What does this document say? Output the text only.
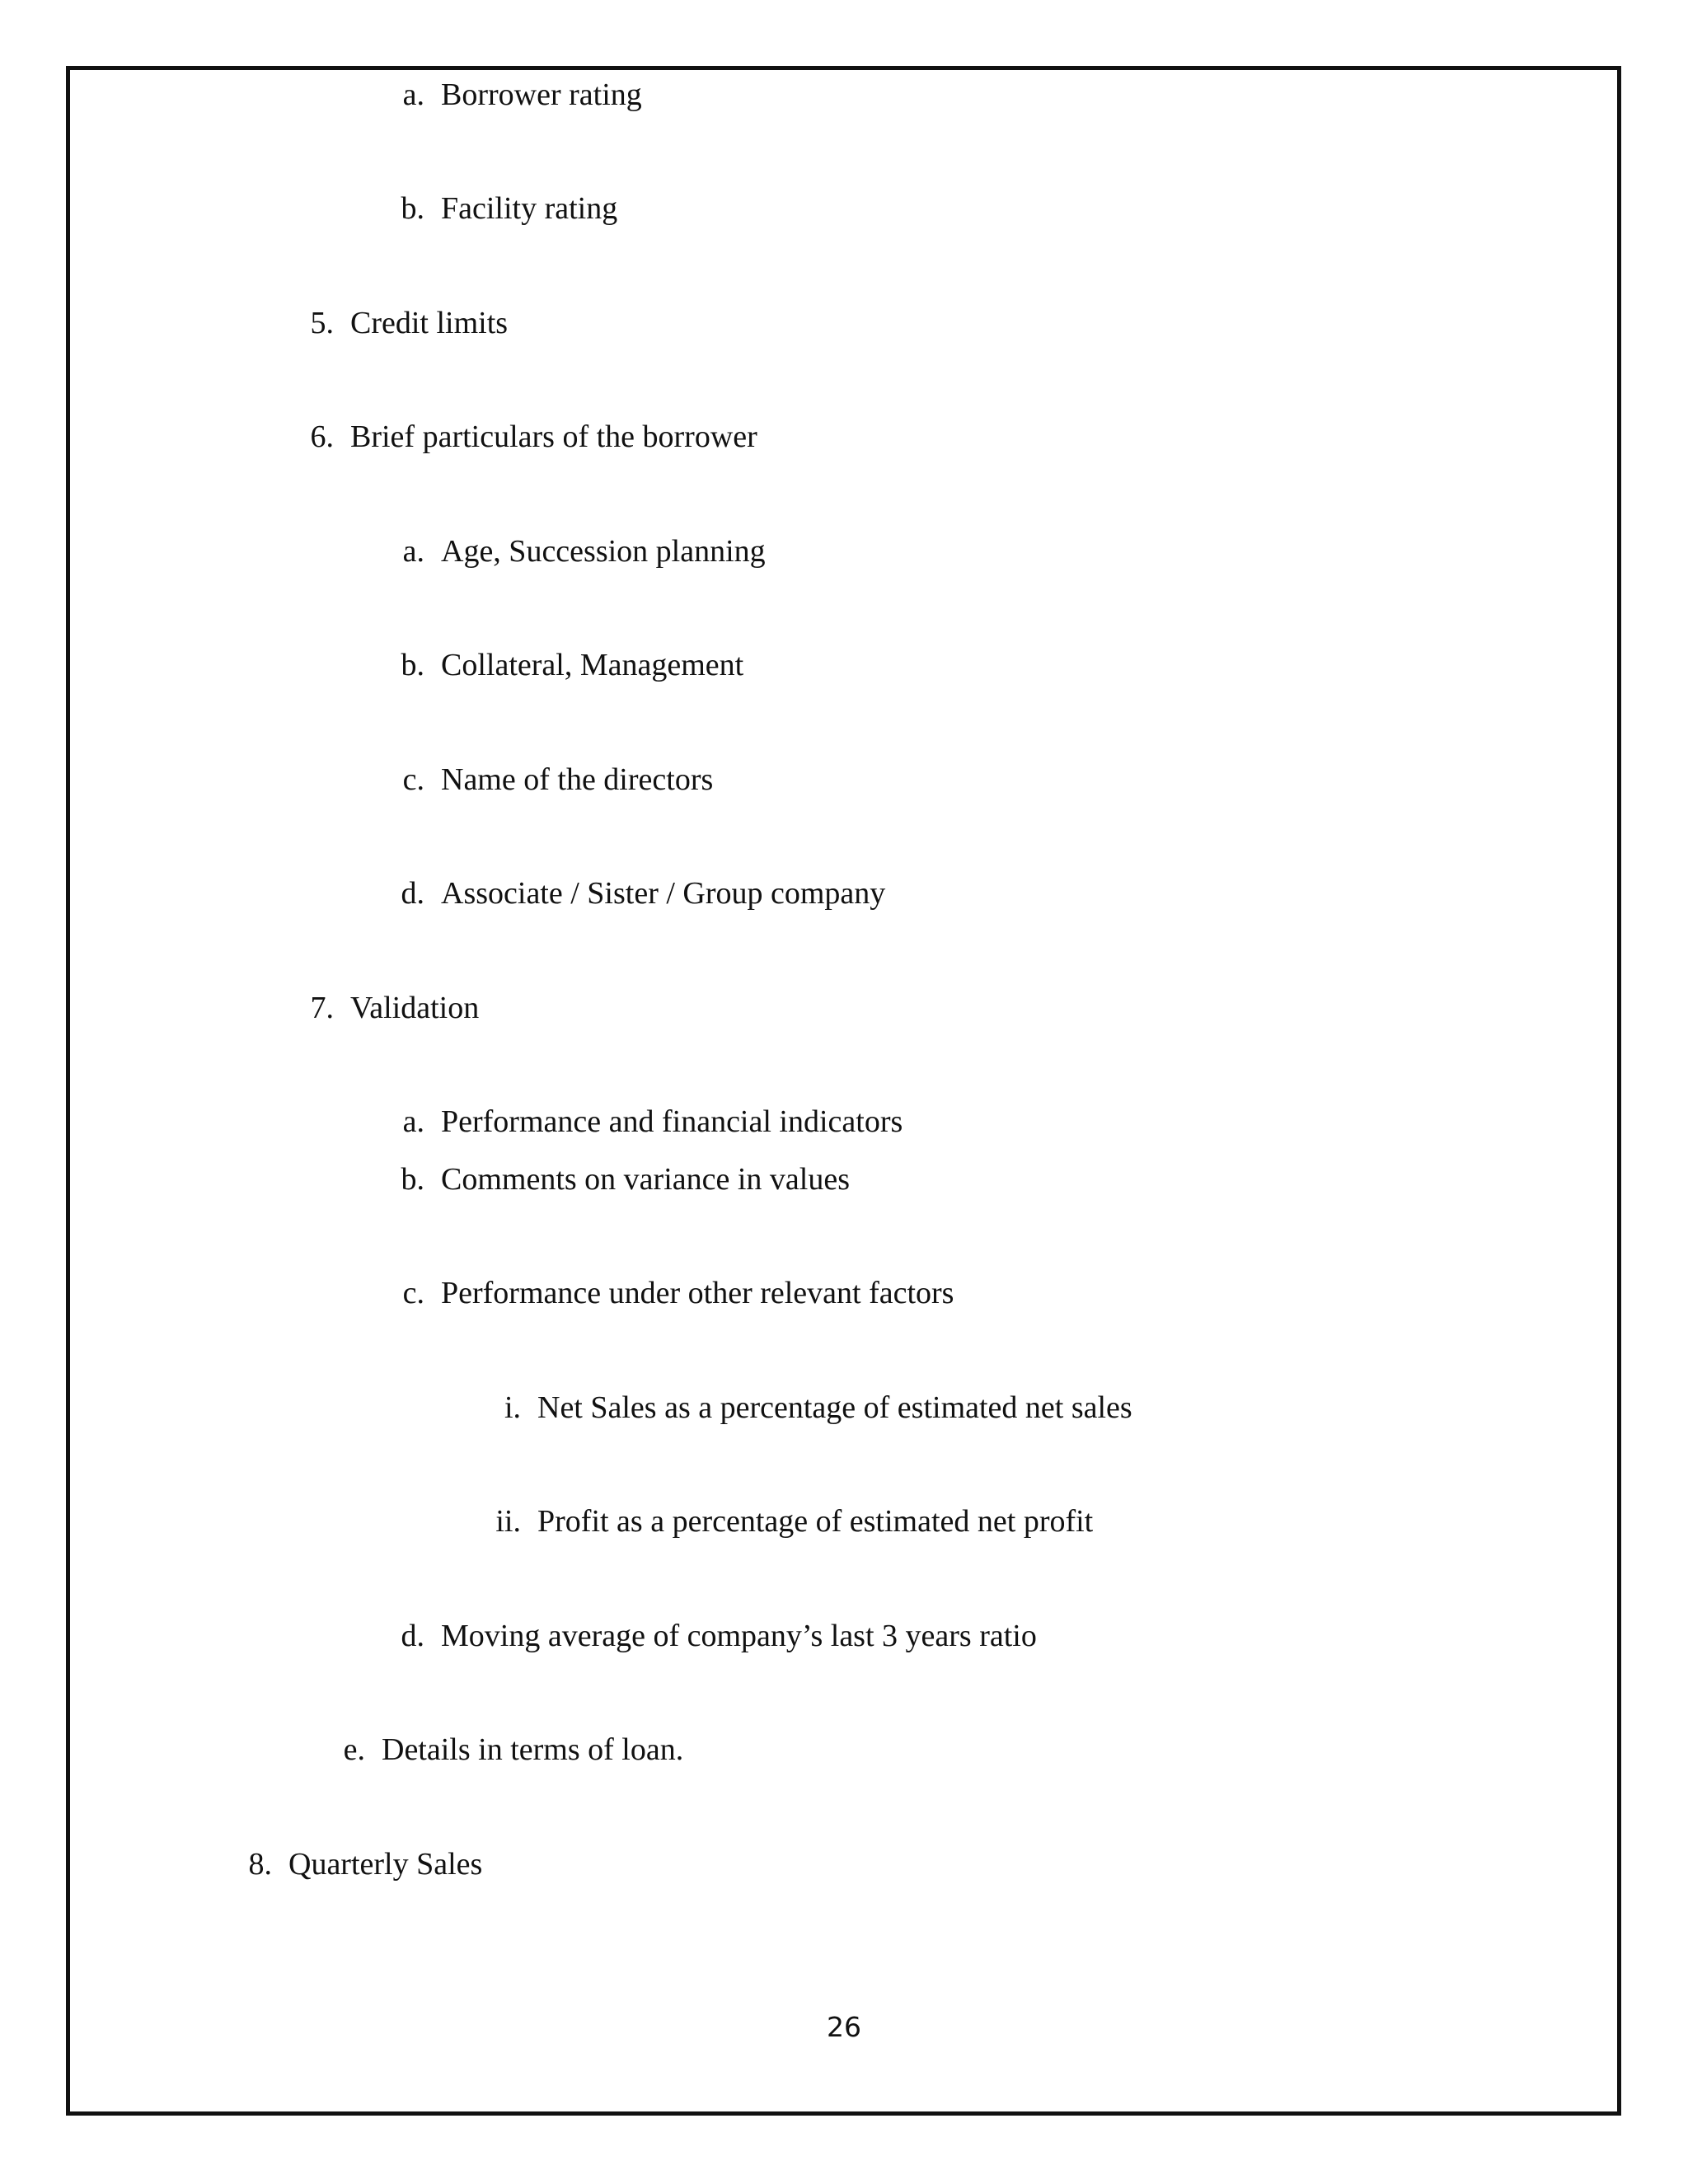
a. Borrower rating
b. Facility rating
5. Credit limits
6. Brief particulars of the borrower
a. Age, Succession planning
b. Collateral, Management
c. Name of the directors
d. Associate / Sister / Group company
7. Validation
a. Performance and financial indicators
b. Comments on variance in values
c. Performance under other relevant factors
i. Net Sales as a percentage of estimated net sales
ii. Profit as a percentage of estimated net profit
d. Moving average of company’s last 3 years ratio
e. Details in terms of loan.
8. Quarterly Sales
26
